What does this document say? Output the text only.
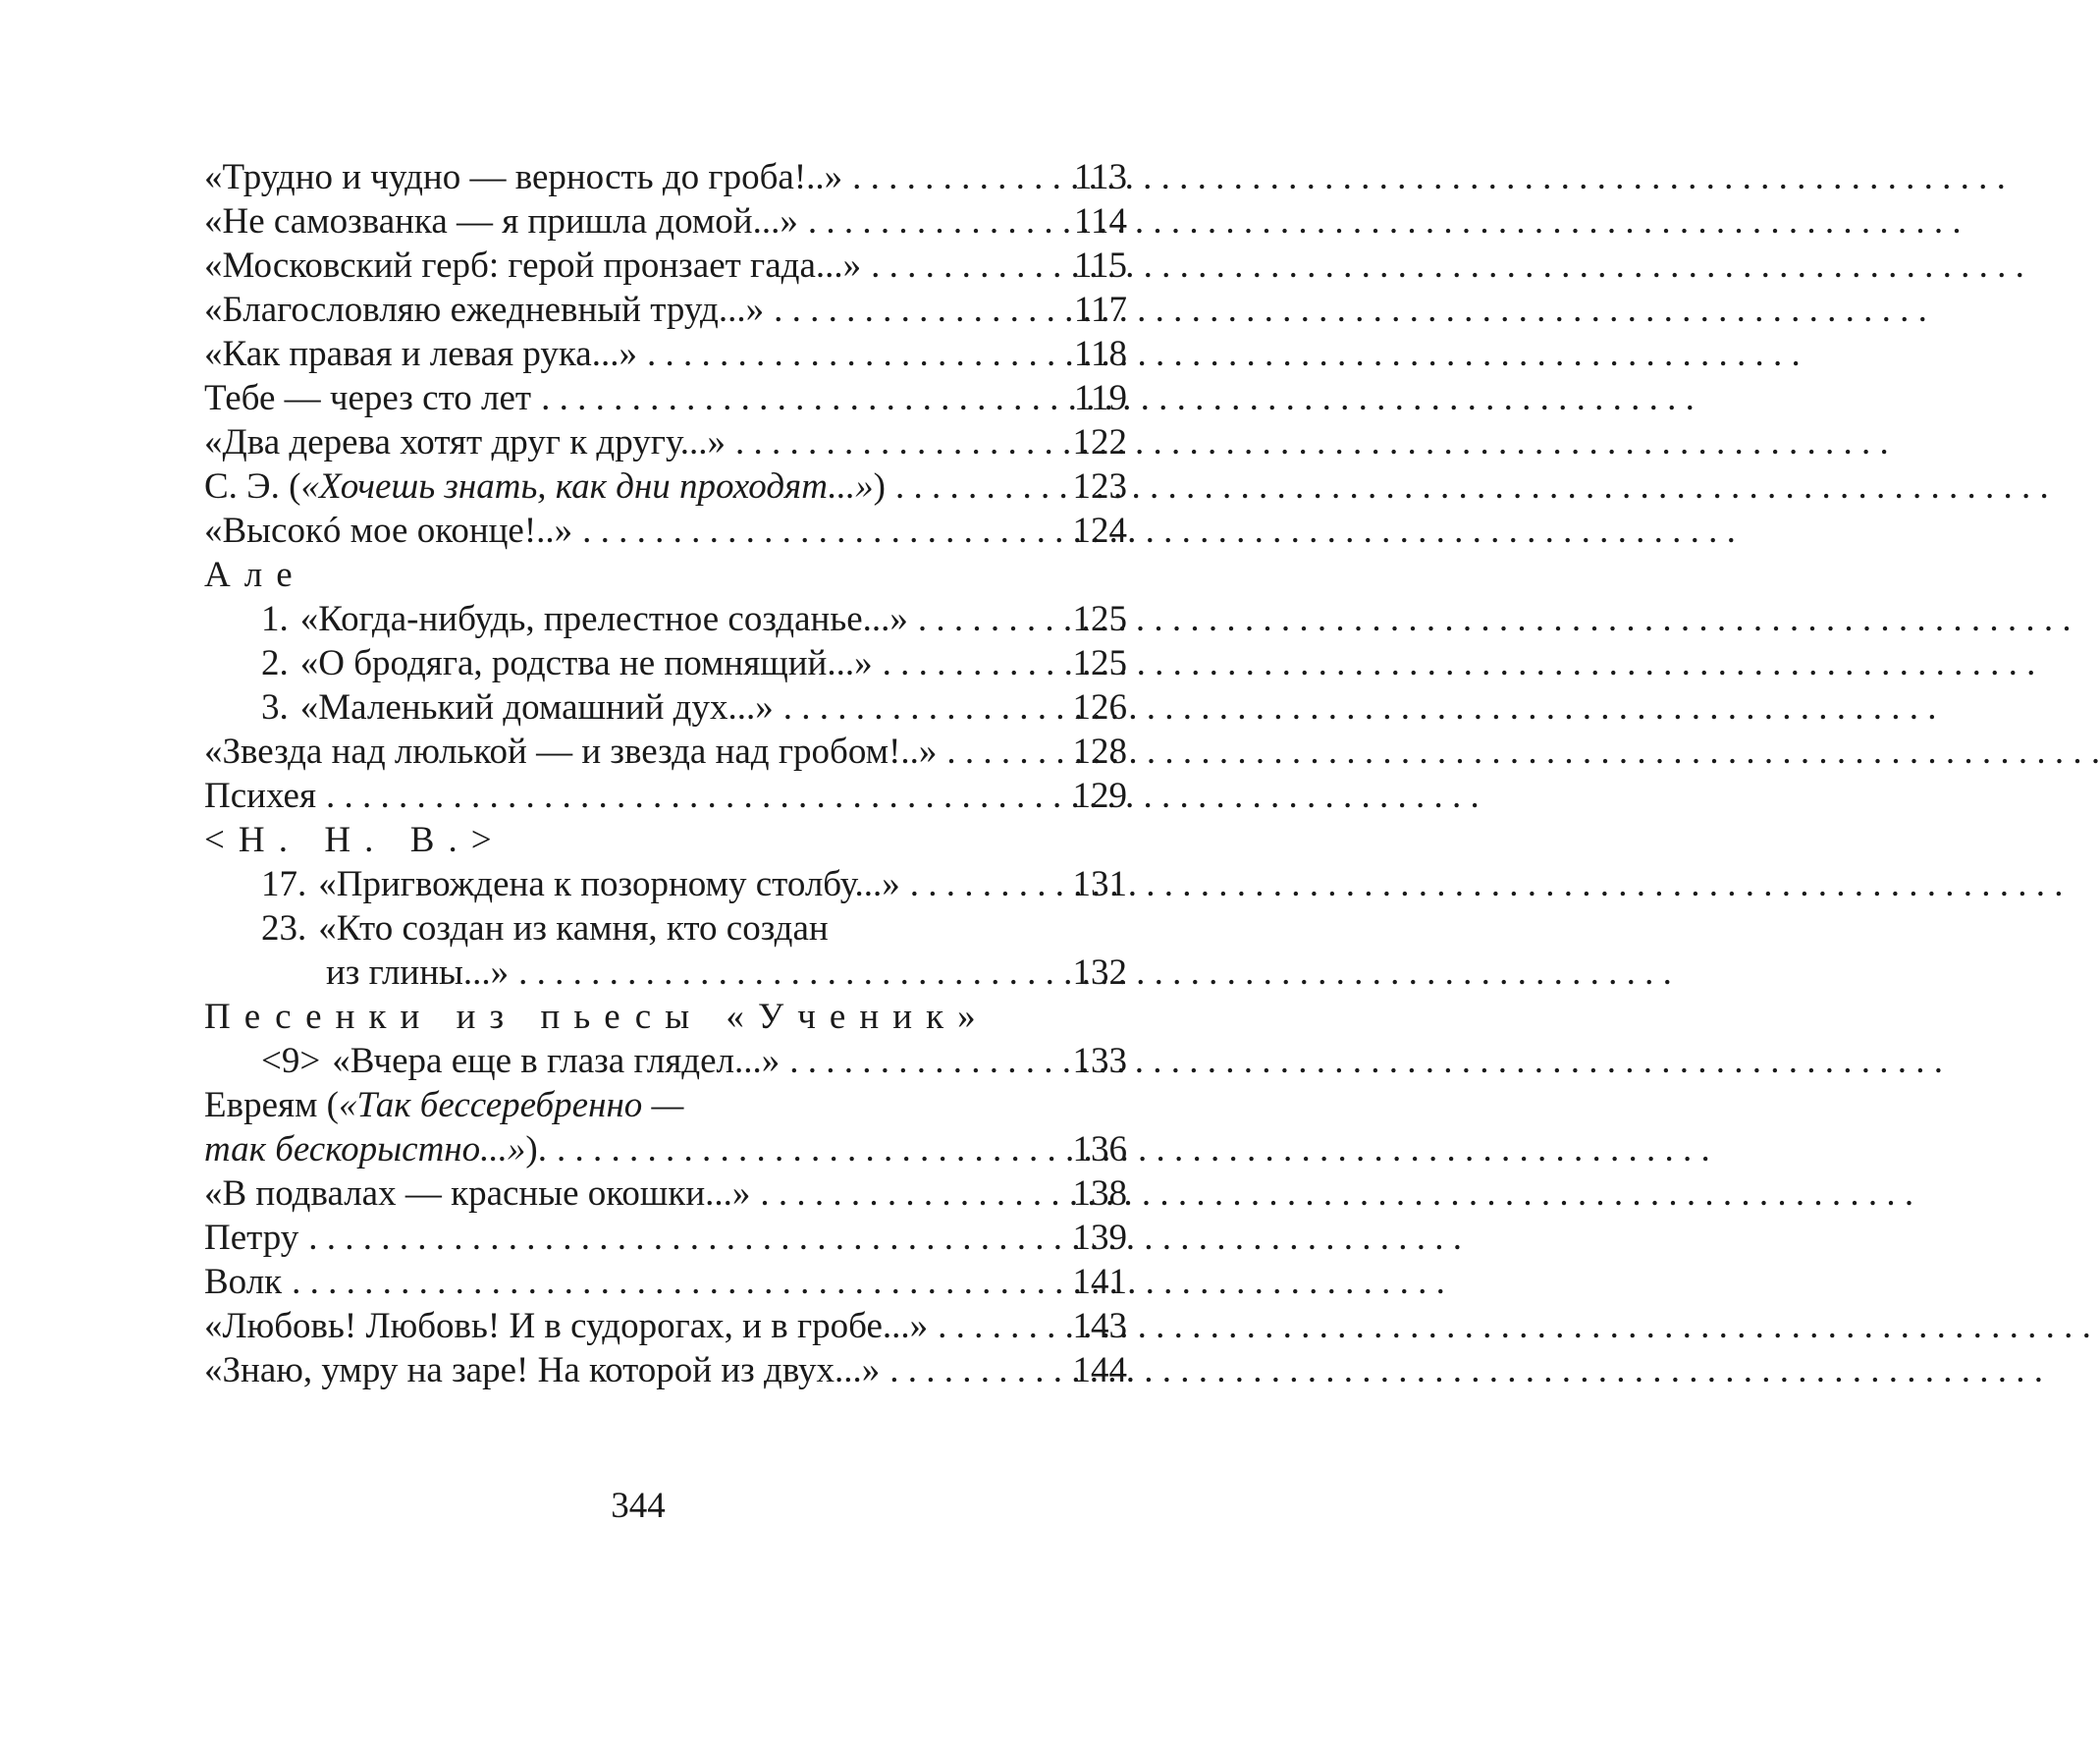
«Трудно и чудно — верность до гроба!..» . . .	113
«Не самозванка — я пришла домой...» . . .	114
«Московский герб: герой пронзает гада...» . . .	115
«Благословляю ежедневный труд...» . . .	117
«Как правая и левая рука...» . . .	118
Тебе — через сто лет . . .	119
«Два дерева хотят друг к другу...» . . .	122
С. Э. («Хочешь знать, как дни проходят...») . . .	123
«Высокó мое оконце!..» . . .	124
Але
1. «Когда-нибудь, прелестное созданье...» . . .	125
2. «О бродяга, родства не помнящий...» . . .	125
3. «Маленький домашний дух...» . . .	126
«Звезда над люлькой — и звезда над гробом!..» . . .	128
Психея . . .	129
<Н. Н. В.>
17. «Пригвождена к позорному столбу...» . . .	131
23. «Кто создан из камня, кто создан
из глины...» . . .	132
Песенки из пьесы «Ученик»
<9> «Вчера еще в глаза глядел...» . . .	133
Евреям («Так бессеребренно —
так бескорыстно...»). . . .	136
«В подвалах — красные окошки...» . . .	138
Петру . . .	139
Волк . . .	141
«Любовь! Любовь! И в судорогах, и в гробе...» . . .	143
«Знаю, умру на заре! На которой из двух...» . . .	144
344
